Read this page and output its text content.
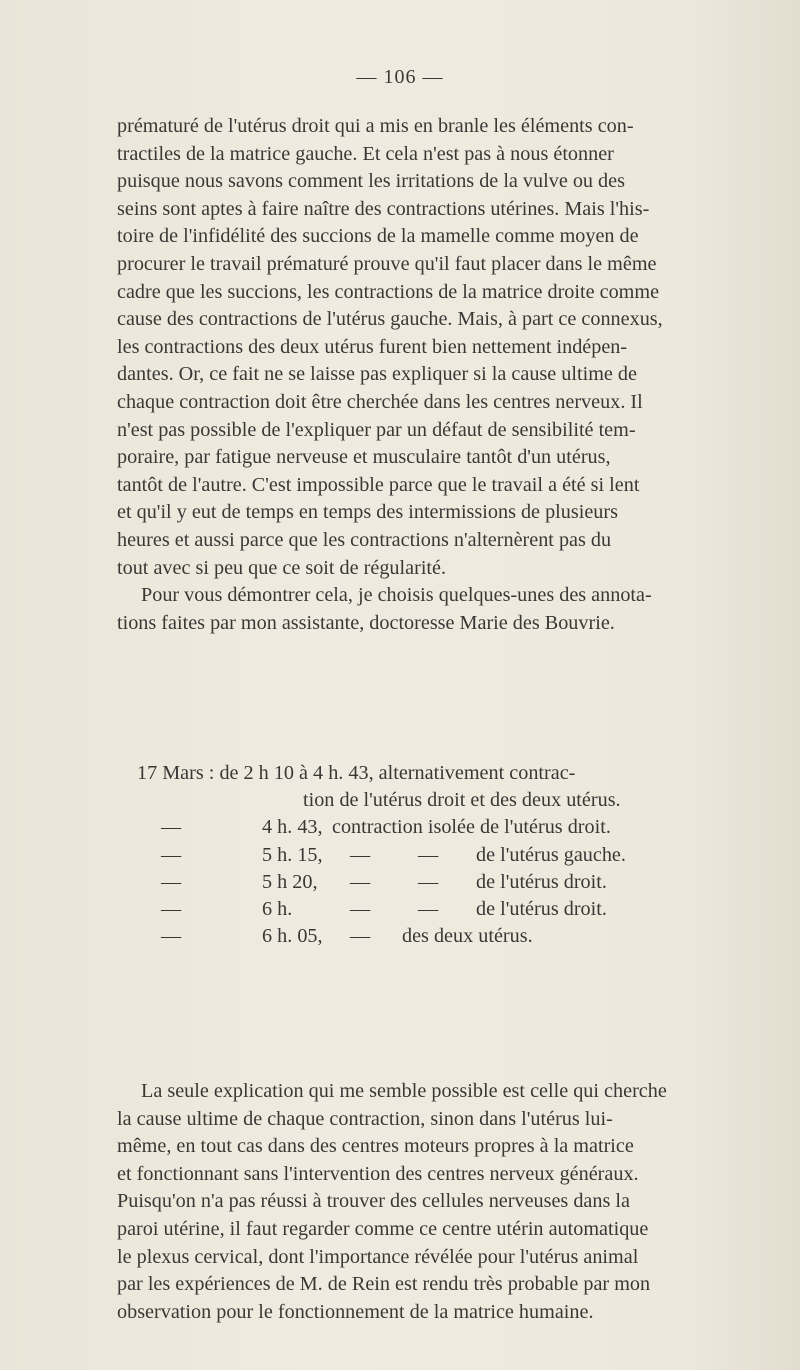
— 106 —

prématuré de l'utérus droit qui a mis en branle les éléments con-

tractiles de la matrice gauche. Et cela n'est pas à nous étonner

puisque nous savons comment les irritations de la vulve ou des

seins sont aptes à faire naître des contractions utérines. Mais l'his-

toire de l'infidélité des succions de la mamelle comme moyen de

procurer le travail prématuré prouve qu'il faut placer dans le même

cadre que les succions, les contractions de la matrice droite comme

cause des contractions de l'utérus gauche. Mais, à part ce connexus,

les contractions des deux utérus furent bien nettement indépen-

dantes. Or, ce fait ne se laisse pas expliquer si la cause ultime de

chaque contraction doit être cherchée dans les centres nerveux. Il

n'est pas possible de l'expliquer par un défaut de sensibilité tem-

poraire, par fatigue nerveuse et musculaire tantôt d'un utérus,

tantôt de l'autre. C'est impossible parce que le travail a été si lent

et qu'il y eut de temps en temps des intermissions de plusieurs

heures et aussi parce que les contractions n'alternèrent pas du

tout avec si peu que ce soit de régularité.

Pour vous démontrer cela, je choisis quelques-unes des annota-

tions faites par mon assistante, doctoresse Marie des Bouvrie.

17 Mars : de 2 h 10 à 4 h. 43, alternativement contrac-
tion de l'utérus droit et des deux utérus.
—	4 h. 43, contraction isolée de l'utérus droit.
—	5 h. 15,	—	—	de l'utérus gauche.
—	5 h 20,	—	—	de l'utérus droit.
—	6 h.	—	—	de l'utérus droit.
—	6 h. 05,	—	des deux utérus.

La seule explication qui me semble possible est celle qui cherche

la cause ultime de chaque contraction, sinon dans l'utérus lui-

même, en tout cas dans des centres moteurs propres à la matrice

et fonctionnant sans l'intervention des centres nerveux généraux.

Puisqu'on n'a pas réussi à trouver des cellules nerveuses dans la

paroi utérine, il faut regarder comme ce centre utérin automatique

le plexus cervical, dont l'importance révélée pour l'utérus animal

par les expériences de M. de Rein est rendu très probable par mon

observation pour le fonctionnement de la matrice humaine.
